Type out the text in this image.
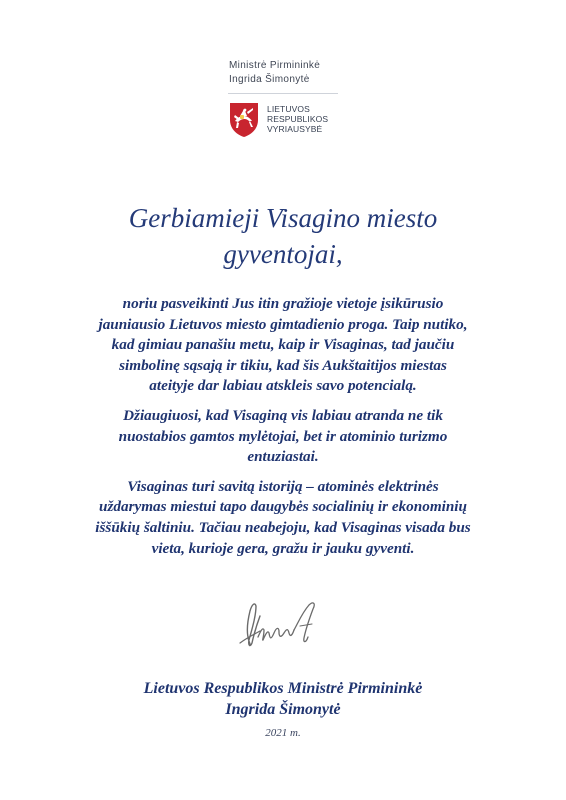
Ministrė Pirmininkė
Ingrida Šimonytė
LIETUVOS
RESPUBLIKOS
VYRIAUSYBĖ
Gerbiamieji Visagino miesto
gyventojai,

noriu pasveikinti Jus itin gražioje vietoje įsikūrusio jauniausio Lietuvos miesto gimtadienio proga. Taip nutiko, kad gimiau panašiu metu, kaip ir Visaginas, tad jaučiu simbolinę sąsają ir tikiu, kad šis Aukštaitijos miestas ateityje dar labiau atskleis savo potencialą.

Džiaugiuosi, kad Visaginą vis labiau atranda ne tik nuostabios gamtos mylėtojai, bet ir atominio turizmo entuziastai.

Visaginas turi savitą istoriją – atominės elektrinės uždarymas miestui tapo daugybės socialinių ir ekonominių iššūkių šaltiniu. Tačiau neabejoju, kad Visaginas visada bus vieta, kurioje gera, gražu ir jauku gyventi.

Lietuvos Respublikos Ministrė Pirmininkė
Ingrida Šimonytė
2021 m.
